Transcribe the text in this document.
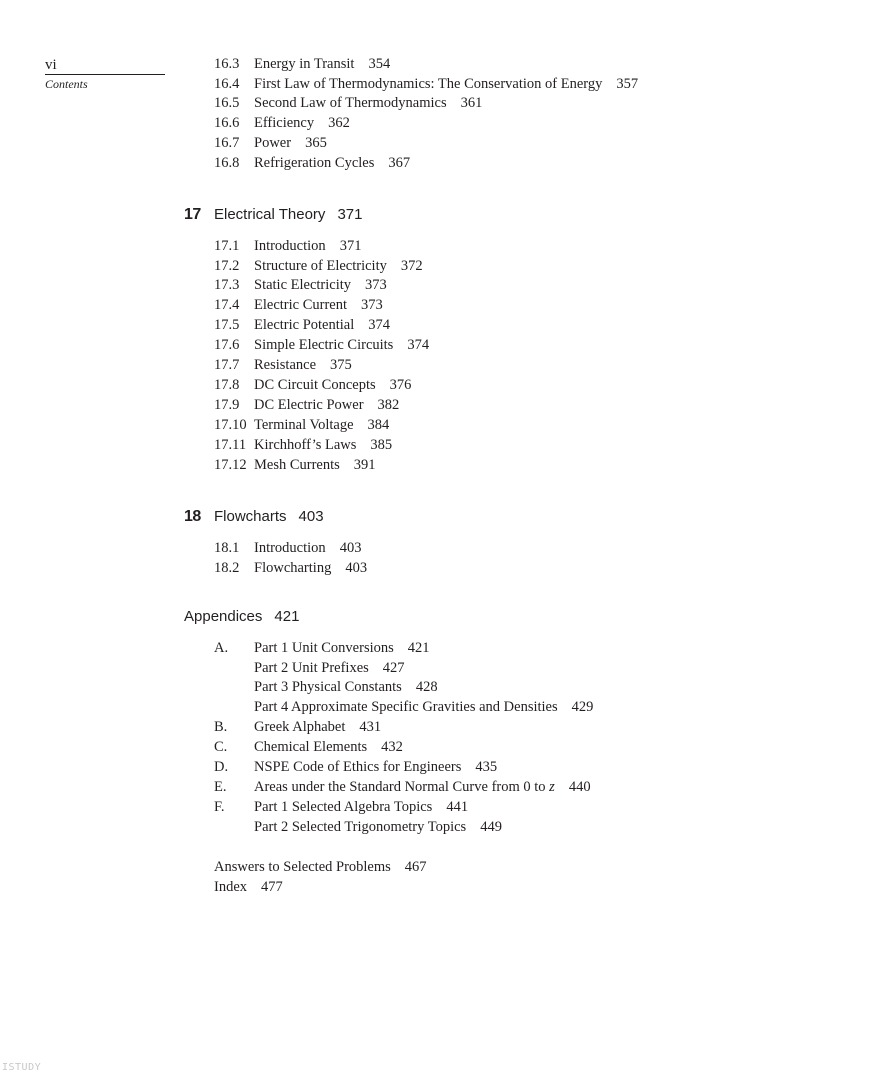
vi
Contents
16.3 Energy in Transit 354
16.4 First Law of Thermodynamics: The Conservation of Energy 357
16.5 Second Law of Thermodynamics 361
16.6 Efficiency 362
16.7 Power 365
16.8 Refrigeration Cycles 367
17 Electrical Theory 371
17.1 Introduction 371
17.2 Structure of Electricity 372
17.3 Static Electricity 373
17.4 Electric Current 373
17.5 Electric Potential 374
17.6 Simple Electric Circuits 374
17.7 Resistance 375
17.8 DC Circuit Concepts 376
17.9 DC Electric Power 382
17.10 Terminal Voltage 384
17.11 Kirchhoff’s Laws 385
17.12 Mesh Currents 391
18 Flowcharts 403
18.1 Introduction 403
18.2 Flowcharting 403
Appendices 421
A. Part 1 Unit Conversions 421
Part 2 Unit Prefixes 427
Part 3 Physical Constants 428
Part 4 Approximate Specific Gravities and Densities 429
B. Greek Alphabet 431
C. Chemical Elements 432
D. NSPE Code of Ethics for Engineers 435
E. Areas under the Standard Normal Curve from 0 to z 440
F. Part 1 Selected Algebra Topics 441
Part 2 Selected Trigonometry Topics 449
Answers to Selected Problems 467
Index 477
ISTUDY
